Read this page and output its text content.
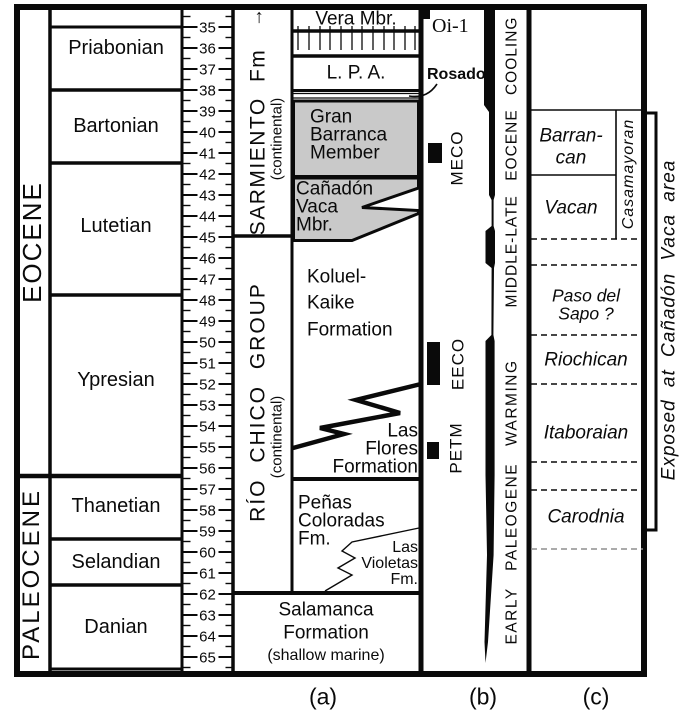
35
36
37
38
39
40
41
42
43
44
45
46
47
48
49
50
51
52
53
54
55
56
57
58
59
60
61
62
63
64
65
EOCENE
PALEOCENE
Priabonian
Bartonian
Lutetian
Ypresian
Thanetian
Selandian
Danian
↑
SARMIENTO Fm (continental)
RÍO CHICO GROUP (continental)
Vera Mbr.
L. P. A.
Gran
Barranca
Member
Cañadón
Vaca
Mbr.
Koluel-
Kaike
Formation
Las
Flores
Formation
Peñas
Coloradas
Fm.	Las
Violetas
Fm.
Salamanca
Formation
(shallow marine)
Oi-1
Rosado
MECO
EECO
PETM
MIDDLE-LATE EOCENE COOLING
EARLY PALEOGENE WARMING
Barran-
can
Vacan Casamayoran
Paso del
Sapo ?
Riochican
Itaboraian
Carodnia
Exposed at Cañadón Vaca area
(a)	(b)	(c)
